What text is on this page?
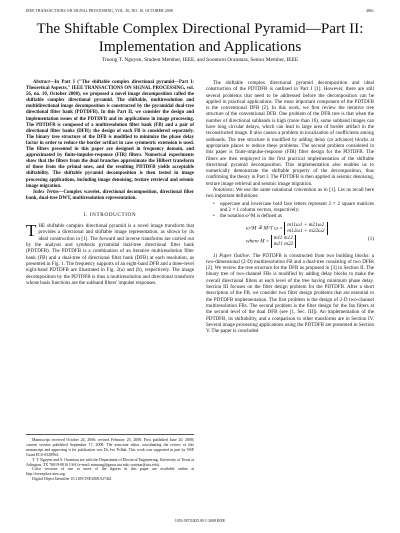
IEEE TRANSACTIONS ON SIGNAL PROCESSING, VOL. 56, NO. 10, OCTOBER 2008	4861
The Shiftable Complex Directional Pyramid—Part II: Implementation and Applications
Truong T. Nguyen, Student Member, IEEE, and Soontorn Oraintara, Senior Member, IEEE

Abstract—In Part I ("The shiftable complex directional pyramid—Part I: Theoretical Aspects," IEEE TRANSACTIONS ON SIGNAL PROCESSING, vol. 56, no. 10, October 2008), we proposed a novel image decomposition called the shiftable complex directional pyramid. The shiftable, multiresolution and multidirectional image decomposition is constructed by the pyramidal dual-tree directional filter bank (PDTDFB). In this Part II, we consider the design and implementation issues of the PDTDFB and its applications in image processing. The PDTDFB is composed of a multiresolution filter bank (FB) and a pair of directional filter banks (DFB); the design of each FB is considered separately. The binary tree structure of the DFB is modified to minimize the phase delay factor in order to reduce the border artifact in case symmetric extension is used. The filters presented in this paper are designed in frequency domain, and approximated by finite-impulse-response (FIR) filters. Numerical experiments show that the filters from the dual branches approximate the Hilbert transform of those from the primal ones, and the resulting PDTDFB yields acceptable shiftability. The shiftable pyramid decomposition is then tested in image processing applications, including image denoising, texture retrieval and seismic image migration.

Index Terms—Complex wavelet, directional decomposition, directional filter bank, dual-tree DWT, multiresolution representation.

I. INTRODUCTION

THE shiftable complex directional pyramid is a novel image transform that provides a directional and shiftable image representation, as shown by its ideal construction in [1]. The forward and inverse transforms are carried out by the analysis and synthesis pyramidal dual-tree directional filter bank (PDTDFB). The PDTDFB is a combination of an iterative multiresolution filter bank (FB) and a dual-tree of directional filter bank (DFB) at each resolution, as presented in Fig. 1. The frequency supports of an eight-band DFB and a three-level eight-band PDTDFB are illustrated in Fig. 2(a) and (b), respectively. The image decomposition by the PDTDFB is thus a multiresolution and directional transform whose basis functions are the subband filters' impulse responses.

Manuscript received October 24, 2006; revised February 25, 2008. First published June 20, 2008; current version published September 17, 2008. The associate editor coordinating the review of this manuscript and approving it for publication was Dr. Ivo Pollak. This work was supported in part by NSF Grant ECS-0528964.

T. T. Nguyen and S. Oraintara are with the Department of Electrical Engineering, University of Texas at Arlington, TX 76019-0016 USA (e-mail: nttruong@gauss.uta.edu; oraintar@uta.edu).

Color versions of one or more of the figures in this paper are available online at http://ieeexplore.ieee.org.

Digital Object Identifier 10.1109/TSP.2008.927461

The shiftable complex directional pyramid decomposition and ideal construction of the PDTDFB is outlined in Part I [1]. However, there are still several problems that need to be addressed before the decomposition can be applied in practical applications. The most important component of the PDTDFB is the conventional DFB [2]. In this work, we first review the iterative tree structure of the conventional DFB. One problem of the DFB tree is that when the number of directional subbands is high (more than 16), some subband images can have long circular delays, which can lead to large area of border artifact in the reconstructed image. It also causes a problem in localization of coefficients among subbands. The tree structure is modified by adding delay (or advance) blocks at appropriate places to reduce these problems. The second problem considered in this paper is finite-impulse-response (FIR) filter design for the PDTDFB. The filters are then employed in the first practical implementation of the shiftable directional pyramid decomposition. This implementation also enables us to numerically demonstrate the shiftable property of the decomposition, thus confirming the theory in Part I. The PDTDFB is then applied in seismic denoising, texture image retrieval and seismic image migration.

Notations: We use the same notational convention as in [1]. Let us recall here two important definitions:

• uppercase and lowercase bold face letters represent 2 × 2 square matrices and 2 × 1 column vectors, respectively;
• the notation ω^M is defined as
ω^M ≜ M^T ω = m11ω1 + m21ω2
m12ω1 + m22ω2
where M = m11 m12
m21 m22
(1)

1) Paper Outline: The PDTDFB is constructed from two building blocks: a two-dimensional (2-D) multiresolution FB and a dual-tree consisting of two DFBs [2]. We review the tree structure for the DFB as proposed in [3] in Section II. The binary tree of two-channel FBs is modified by adding delay blocks to make the overall directional filters at each level of the tree having minimum phase delay. Section III focuses on the filter design problem for the PDTDFB. After a short description of the FB, we consider two filter design problems that are essential to the PDTDFB implementation. The first problem is the design of 2-D two-channel multiresolution FBs. The second problem is the filter design for the fan filters at the second level of the dual DFB (see [1, Sec. III]). An implementation of the PDTDFB, its shiftability, and a comparison to other transforms are in Section IV. Several image processing applications using the PDTDFB are presented in Section V. The paper is concluded

1053-587X/$25.00 © 2008 IEEE
